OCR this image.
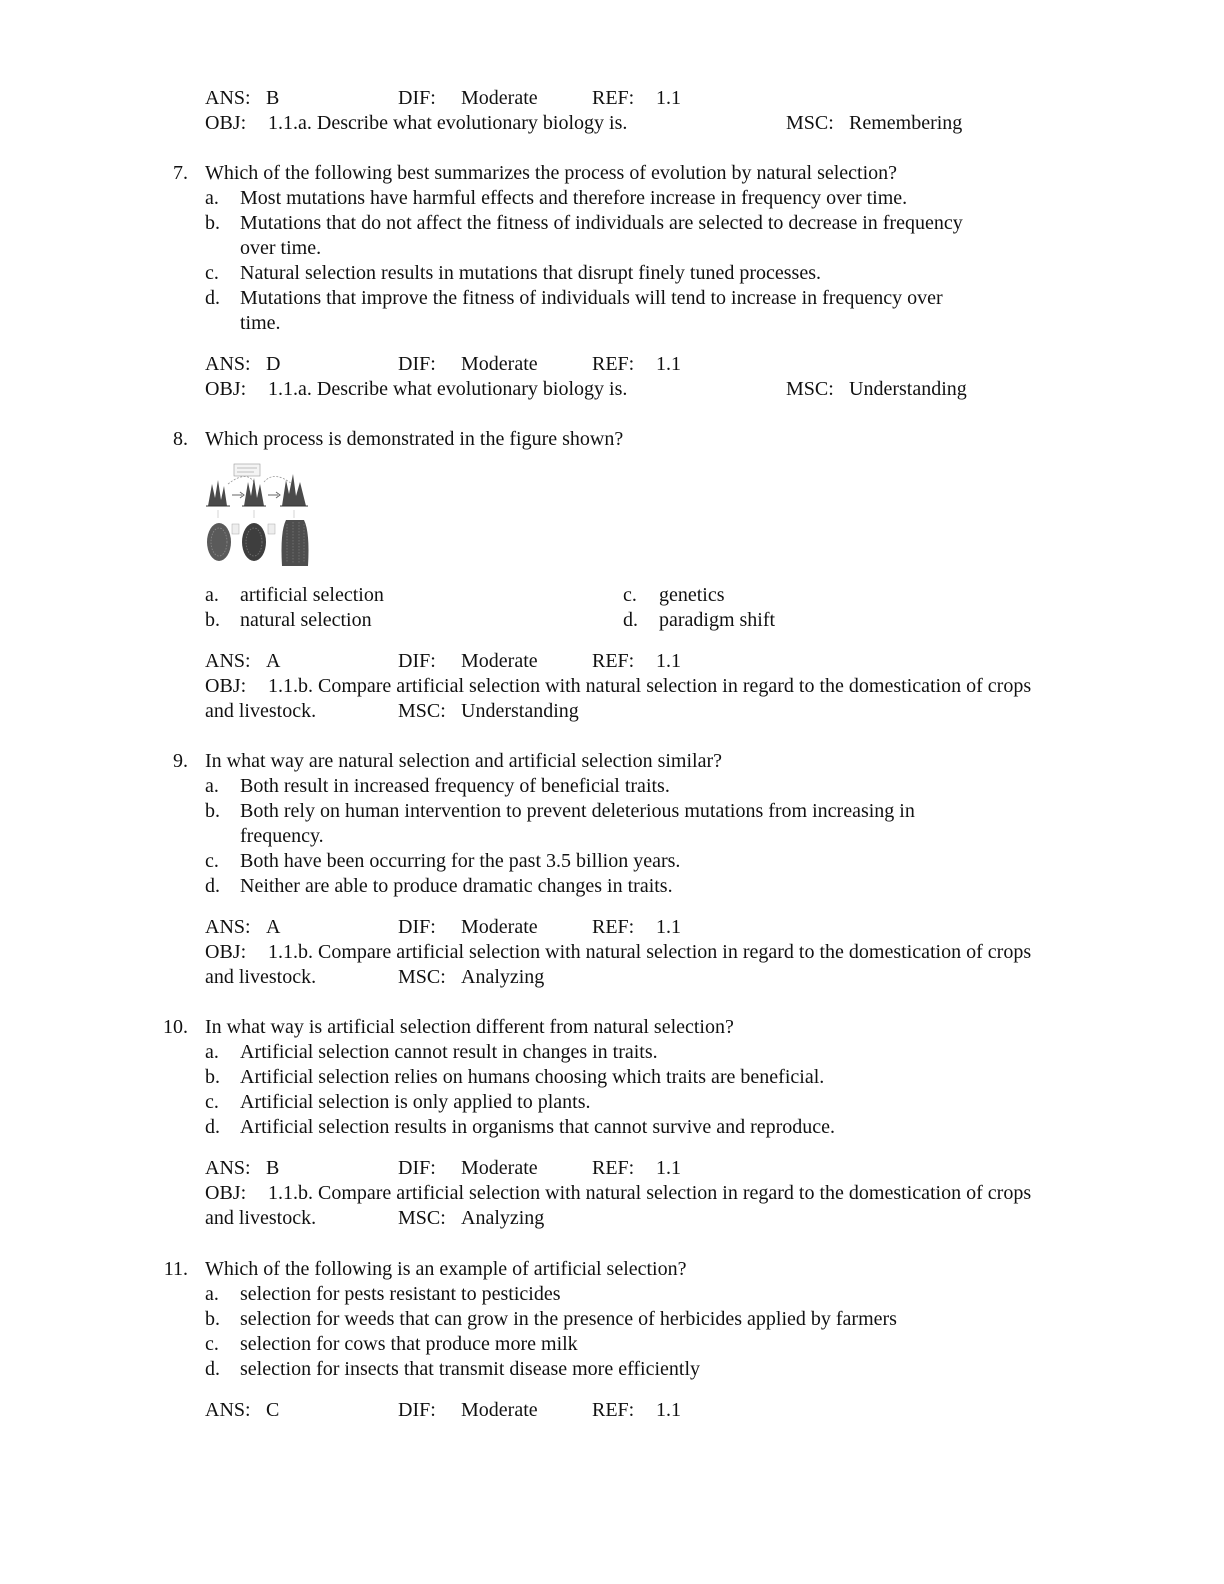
ANS: B	DIF: Moderate	REF: 1.1
OBJ: 1.1.a. Describe what evolutionary biology is.	MSC: Remembering
7. Which of the following best summarizes the process of evolution by natural selection?
a. Most mutations have harmful effects and therefore increase in frequency over time.
b. Mutations that do not affect the fitness of individuals are selected to decrease in frequency
over time.
c. Natural selection results in mutations that disrupt finely tuned processes.
d. Mutations that improve the fitness of individuals will tend to increase in frequency over
time.
ANS: D	DIF: Moderate	REF: 1.1
OBJ: 1.1.a. Describe what evolutionary biology is.	MSC: Understanding
8. Which process is demonstrated in the figure shown?
a. artificial selection	c. genetics
b. natural selection	d. paradigm shift
ANS: A	DIF: Moderate	REF: 1.1
OBJ: 1.1.b. Compare artificial selection with natural selection in regard to the domestication of crops
and livestock.	MSC: Understanding
9. In what way are natural selection and artificial selection similar?
a. Both result in increased frequency of beneficial traits.
b. Both rely on human intervention to prevent deleterious mutations from increasing in
frequency.
c. Both have been occurring for the past 3.5 billion years.
d. Neither are able to produce dramatic changes in traits.
ANS: A	DIF: Moderate	REF: 1.1
OBJ: 1.1.b. Compare artificial selection with natural selection in regard to the domestication of crops
and livestock.	MSC: Analyzing
10. In what way is artificial selection different from natural selection?
a. Artificial selection cannot result in changes in traits.
b. Artificial selection relies on humans choosing which traits are beneficial.
c. Artificial selection is only applied to plants.
d. Artificial selection results in organisms that cannot survive and reproduce.
ANS: B	DIF: Moderate	REF: 1.1
OBJ: 1.1.b. Compare artificial selection with natural selection in regard to the domestication of crops
and livestock.	MSC: Analyzing
11. Which of the following is an example of artificial selection?
a. selection for pests resistant to pesticides
b. selection for weeds that can grow in the presence of herbicides applied by farmers
c. selection for cows that produce more milk
d. selection for insects that transmit disease more efficiently
ANS: C	DIF: Moderate	REF: 1.1
